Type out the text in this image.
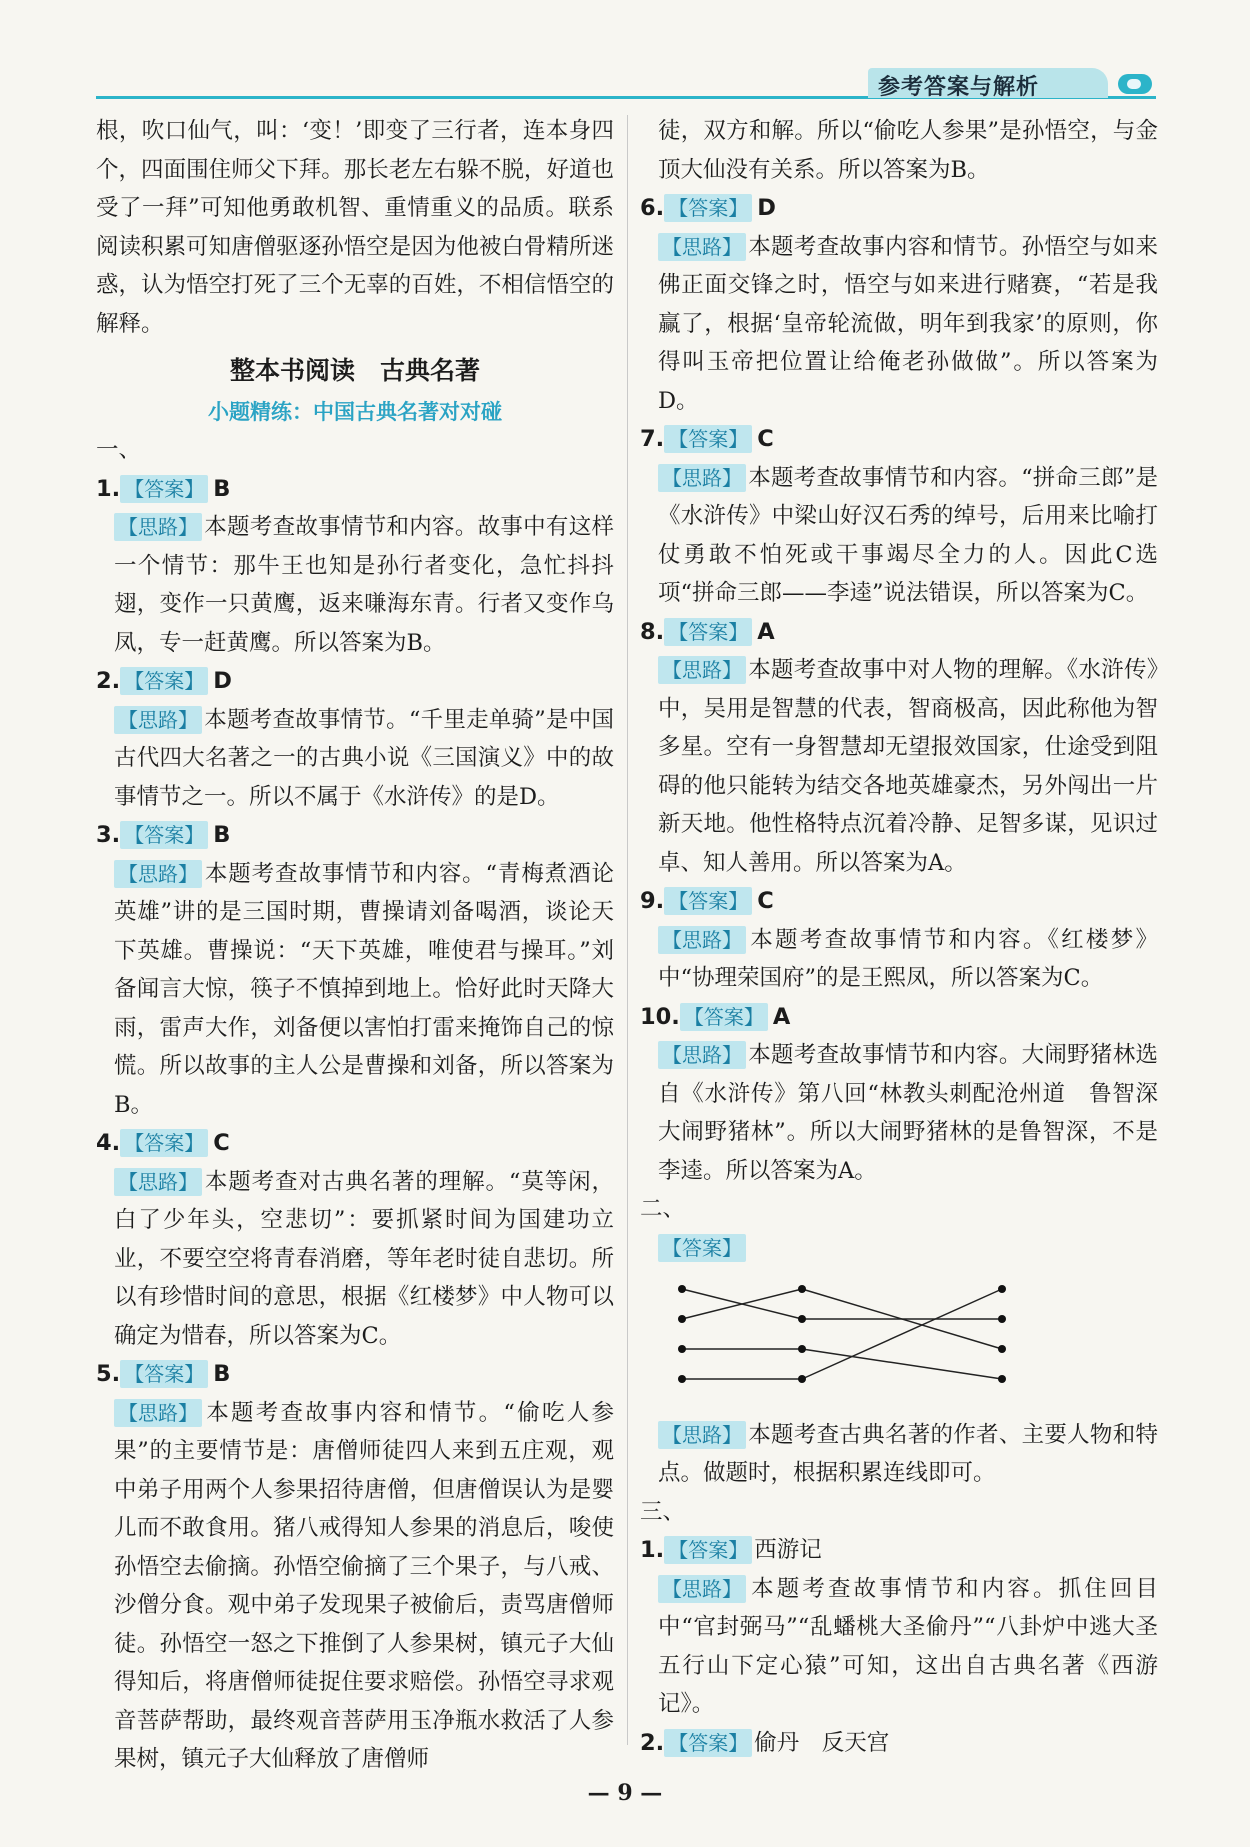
参考答案与解析

根，吹口仙气，叫：‘变！’即变了三行者，连本身四个，四面围住师父下拜。那长老左右躲不脱，好道也受了一拜”可知他勇敢机智、重情重义的品质。联系阅读积累可知唐僧驱逐孙悟空是因为他被白骨精所迷惑，认为悟空打死了三个无辜的百姓，不相信悟空的解释。

整本书阅读　古典名著
小题精练：中国古典名著对对碰

一、

1. 【答案】 B

【思路】 本题考查故事情节和内容。故事中有这样一个情节：那牛王也知是孙行者变化，急忙抖抖翅，变作一只黄鹰，返来嗛海东青。行者又变作乌凤，专一赶黄鹰。所以答案为B。

2. 【答案】 D

【思路】 本题考查故事情节。“千里走单骑”是中国古代四大名著之一的古典小说《三国演义》中的故事情节之一。所以不属于《水浒传》的是D。

3. 【答案】 B

【思路】 本题考查故事情节和内容。“青梅煮酒论英雄”讲的是三国时期，曹操请刘备喝酒，谈论天下英雄。曹操说：“天下英雄，唯使君与操耳。”刘备闻言大惊，筷子不慎掉到地上。恰好此时天降大雨，雷声大作，刘备便以害怕打雷来掩饰自己的惊慌。所以故事的主人公是曹操和刘备，所以答案为B。

4. 【答案】 C

【思路】 本题考查对古典名著的理解。“莫等闲，白了少年头，空悲切”：要抓紧时间为国建功立业，不要空空将青春消磨，等年老时徒自悲切。所以有珍惜时间的意思，根据《红楼梦》中人物可以确定为惜春，所以答案为C。

5. 【答案】 B

【思路】 本题考查故事内容和情节。“偷吃人参果”的主要情节是：唐僧师徒四人来到五庄观，观中弟子用两个人参果招待唐僧，但唐僧误认为是婴儿而不敢食用。猪八戒得知人参果的消息后，唆使孙悟空去偷摘。孙悟空偷摘了三个果子，与八戒、沙僧分食。观中弟子发现果子被偷后，责骂唐僧师徒。孙悟空一怒之下推倒了人参果树，镇元子大仙得知后，将唐僧师徒捉住要求赔偿。孙悟空寻求观音菩萨帮助，最终观音菩萨用玉净瓶水救活了人参果树，镇元子大仙释放了唐僧师

徒，双方和解。所以“偷吃人参果”是孙悟空，与金顶大仙没有关系。所以答案为B。

6. 【答案】 D

【思路】 本题考查故事内容和情节。孙悟空与如来佛正面交锋之时，悟空与如来进行赌赛，“若是我赢了，根据‘皇帝轮流做，明年到我家’的原则，你得叫玉帝把位置让给俺老孙做做”。所以答案为D。

7. 【答案】 C

【思路】 本题考查故事情节和内容。“拼命三郎”是《水浒传》中梁山好汉石秀的绰号，后用来比喻打仗勇敢不怕死或干事竭尽全力的人。因此C选项“拼命三郎——李逵”说法错误，所以答案为C。

8. 【答案】 A

【思路】 本题考查故事中对人物的理解。《水浒传》中，吴用是智慧的代表，智商极高，因此称他为智多星。空有一身智慧却无望报效国家，仕途受到阻碍的他只能转为结交各地英雄豪杰，另外闯出一片新天地。他性格特点沉着冷静、足智多谋，见识过卓、知人善用。所以答案为A。

9. 【答案】 C

【思路】 本题考查故事情节和内容。《红楼梦》中“协理荣国府”的是王熙凤，所以答案为C。

10. 【答案】 A

【思路】 本题考查故事情节和内容。大闹野猪林选自《水浒传》第八回“林教头刺配沧州道　鲁智深大闹野猪林”。所以大闹野猪林的是鲁智深，不是李逵。所以答案为A。

二、

【答案】

【思路】 本题考查古典名著的作者、主要人物和特点。做题时，根据积累连线即可。

三、

1. 【答案】 西游记

【思路】 本题考查故事情节和内容。抓住回目中“官封弼马”“乱蟠桃大圣偷丹”“八卦炉中逃大圣　五行山下定心猿”可知，这出自古典名著《西游记》。

2. 【答案】 偷丹　反天宫

— 9 —
